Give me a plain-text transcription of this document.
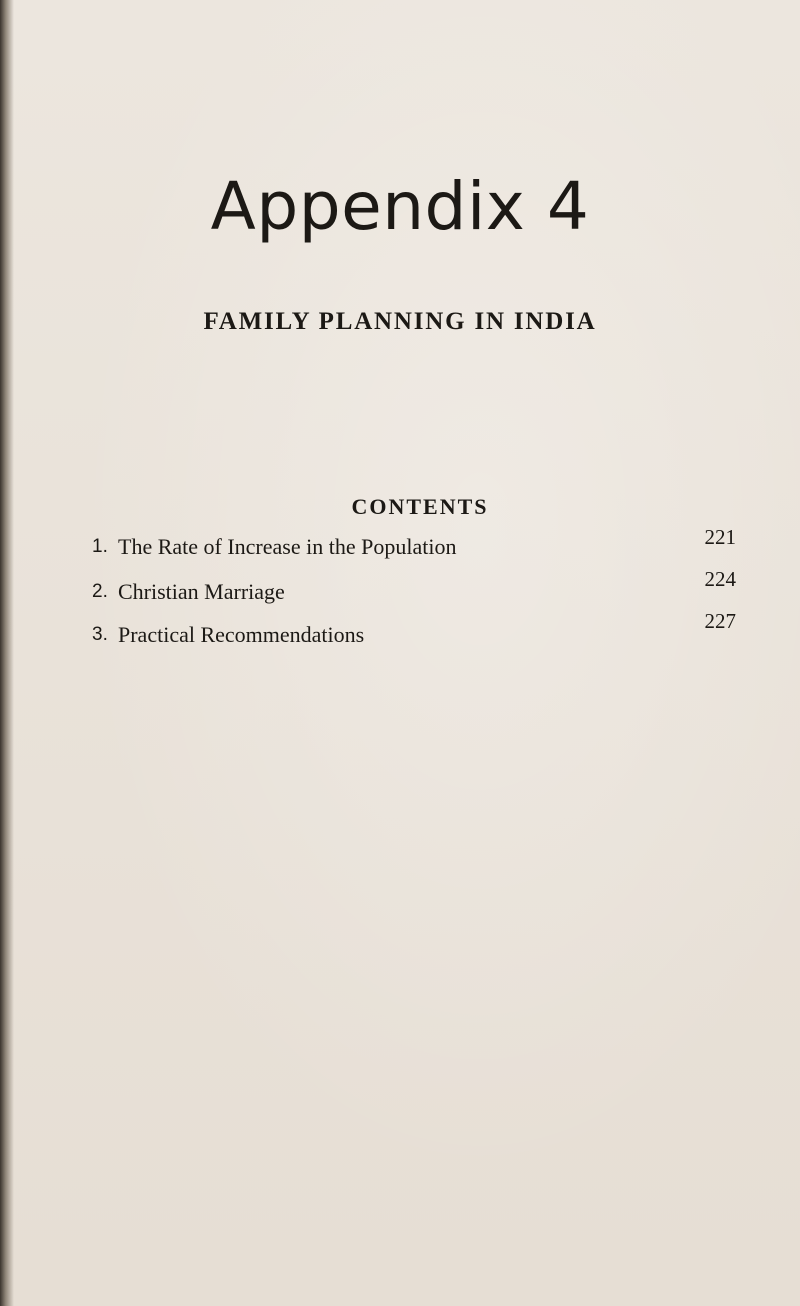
Appendix 4
FAMILY PLANNING IN INDIA
CONTENTS
1. The Rate of Increase in the Population	221
2. Christian Marriage	224
3. Practical Recommendations
227
